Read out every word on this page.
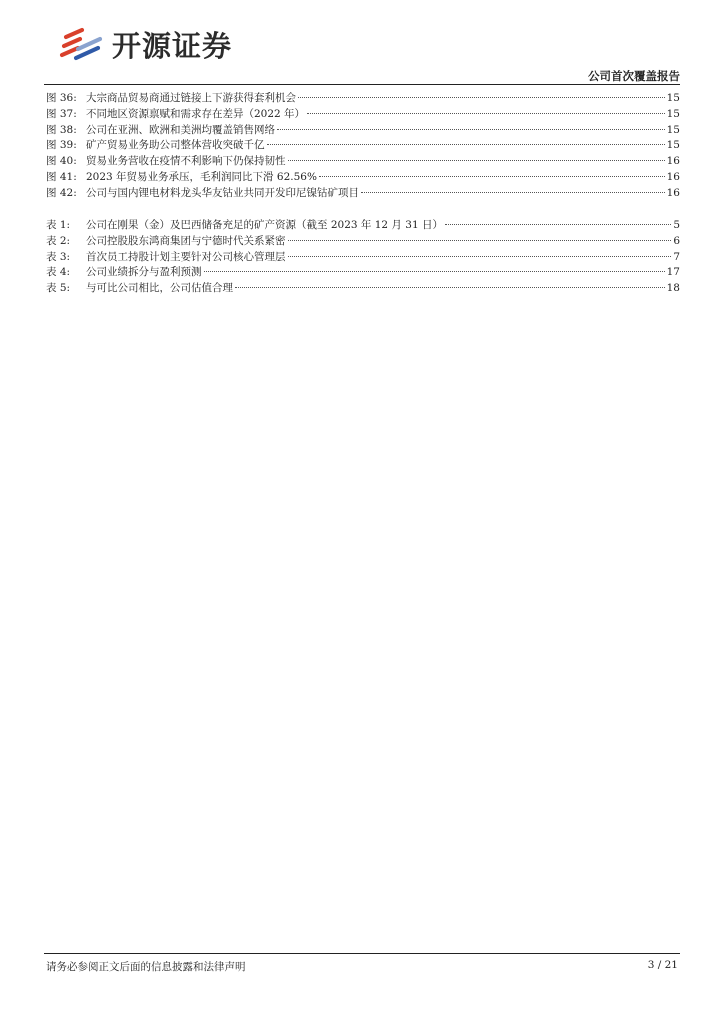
开源证券
公司首次覆盖报告
图 36: 大宗商品贸易商通过链接上下游获得套利机会	15
图 37: 不同地区资源禀赋和需求存在差异（2022 年）	15
图 38: 公司在亚洲、欧洲和美洲均覆盖销售网络	15
图 39: 矿产贸易业务助公司整体营收突破千亿	15
图 40: 贸易业务营收在疫情不利影响下仍保持韧性	16
图 41: 2023 年贸易业务承压，毛利润同比下滑 62.56%	16
图 42: 公司与国内锂电材料龙头华友钴业共同开发印尼镍钴矿项目	16
表 1:	公司在刚果（金）及巴西储备充足的矿产资源（截至 2023 年 12 月 31 日）	5
表 2:	公司控股股东鸿商集团与宁德时代关系紧密	6
表 3:	首次员工持股计划主要针对公司核心管理层	7
表 4:	公司业绩拆分与盈利预测	17
表 5:	与可比公司相比，公司估值合理	18
请务必参阅正文后面的信息披露和法律声明	3 / 21
